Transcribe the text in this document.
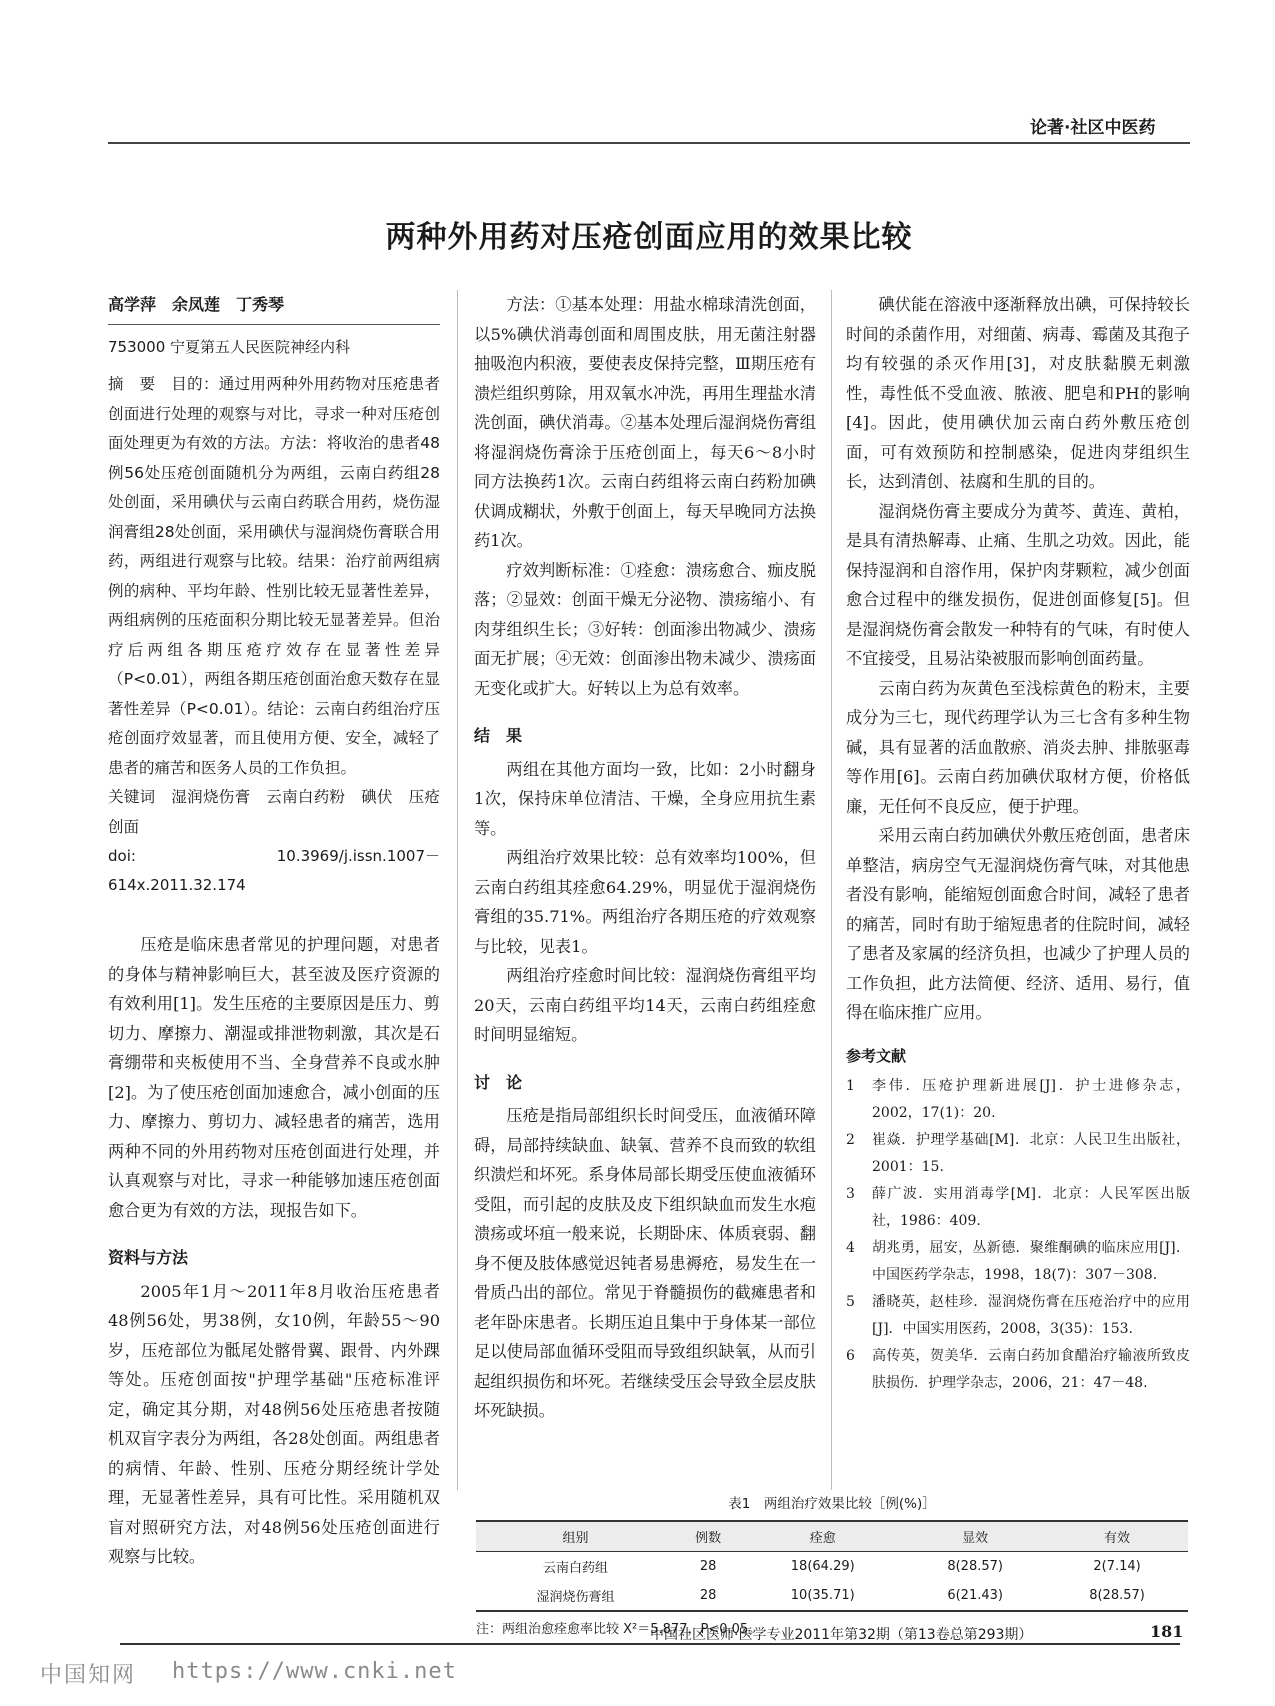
论著·社区中医药
两种外用药对压疮创面应用的效果比较
高学萍　余凤莲　丁秀琴
753000 宁夏第五人民医院神经内科

摘　要　目的：通过用两种外用药物对压疮患者创面进行处理的观察与对比，寻求一种对压疮创面处理更为有效的方法。方法：将收治的患者48例56处压疮创面随机分为两组，云南白药组28处创面，采用碘伏与云南白药联合用药，烧伤湿润膏组28处创面，采用碘伏与湿润烧伤膏联合用药，两组进行观察与比较。结果：治疗前两组病例的病种、平均年龄、性别比较无显著性差异，两组病例的压疮面积分期比较无显著差异。但治疗后两组各期压疮疗效存在显著性差异（P<0.01），两组各期压疮创面治愈天数存在显著性差异（P<0.01）。结论：云南白药组治疗压疮创面疗效显著，而且使用方便、安全，减轻了患者的痛苦和医务人员的工作负担。

关键词　湿润烧伤膏　云南白药粉　碘伏　压疮创面

doi: 10.3969/j.issn.1007－614x.2011.32.174

压疮是临床患者常见的护理问题，对患者的身体与精神影响巨大，甚至波及医疗资源的有效利用[1]。发生压疮的主要原因是压力、剪切力、摩擦力、潮湿或排泄物刺激，其次是石膏绷带和夹板使用不当、全身营养不良或水肿[2]。为了使压疮创面加速愈合，减小创面的压力、摩擦力、剪切力、减轻患者的痛苦，选用两种不同的外用药物对压疮创面进行处理，并认真观察与对比，寻求一种能够加速压疮创面愈合更为有效的方法，现报告如下。

资料与方法

2005年1月～2011年8月收治压疮患者48例56处，男38例，女10例，年龄55～90岁，压疮部位为骶尾处髂骨翼、跟骨、内外踝等处。压疮创面按"护理学基础"压疮标准评定，确定其分期，对48例56处压疮患者按随机双盲字表分为两组，各28处创面。两组患者的病情、年龄、性别、压疮分期经统计学处理，无显著性差异，具有可比性。采用随机双盲对照研究方法，对48例56处压疮创面进行观察与比较。

方法：①基本处理：用盐水棉球清洗创面，以5%碘伏消毒创面和周围皮肤，用无菌注射器抽吸泡内积液，要使表皮保持完整，Ⅲ期压疮有溃烂组织剪除，用双氧水冲洗，再用生理盐水清洗创面，碘伏消毒。②基本处理后湿润烧伤膏组将湿润烧伤膏涂于压疮创面上，每天6～8小时同方法换药1次。云南白药组将云南白药粉加碘伏调成糊状，外敷于创面上，每天早晚同方法换药1次。

疗效判断标准：①痊愈：溃疡愈合、痂皮脱落；②显效：创面干燥无分泌物、溃疡缩小、有肉芽组织生长；③好转：创面渗出物减少、溃疡面无扩展；④无效：创面渗出物未减少、溃疡面无变化或扩大。好转以上为总有效率。

结　果

两组在其他方面均一致，比如：2小时翻身1次，保持床单位清洁、干燥，全身应用抗生素等。

两组治疗效果比较：总有效率均100%，但云南白药组其痊愈64.29%，明显优于湿润烧伤膏组的35.71%。两组治疗各期压疮的疗效观察与比较，见表1。

两组治疗痊愈时间比较：湿润烧伤膏组平均20天，云南白药组平均14天，云南白药组痊愈时间明显缩短。

讨　论

压疮是指局部组织长时间受压，血液循环障碍，局部持续缺血、缺氧、营养不良而致的软组织溃烂和坏死。系身体局部长期受压使血液循环受阻，而引起的皮肤及皮下组织缺血而发生水疱溃疡或坏疽一般来说，长期卧床、体质衰弱、翻身不便及肢体感觉迟钝者易患褥疮，易发生在一骨质凸出的部位。常见于脊髓损伤的截瘫患者和老年卧床患者。长期压迫且集中于身体某一部位足以使局部血循环受阻而导致组织缺氧，从而引起组织损伤和坏死。若继续受压会导致全层皮肤坏死缺损。

碘伏能在溶液中逐渐释放出碘，可保持较长时间的杀菌作用，对细菌、病毒、霉菌及其孢子均有较强的杀灭作用[3]，对皮肤黏膜无刺激性，毒性低不受血液、脓液、肥皂和PH的影响[4]。因此，使用碘伏加云南白药外敷压疮创面，可有效预防和控制感染，促进肉芽组织生长，达到清创、祛腐和生肌的目的。

湿润烧伤膏主要成分为黄芩、黄连、黄柏，是具有清热解毒、止痛、生肌之功效。因此，能保持湿润和自溶作用，保护肉芽颗粒，减少创面愈合过程中的继发损伤，促进创面修复[5]。但是湿润烧伤膏会散发一种特有的气味，有时使人不宜接受，且易沾染被服而影响创面药量。

云南白药为灰黄色至浅棕黄色的粉末，主要成分为三七，现代药理学认为三七含有多种生物碱，具有显著的活血散瘀、消炎去肿、排脓驱毒等作用[6]。云南白药加碘伏取材方便，价格低廉，无任何不良反应，便于护理。

采用云南白药加碘伏外敷压疮创面，患者床单整洁，病房空气无湿润烧伤膏气味，对其他患者没有影响，能缩短创面愈合时间，减轻了患者的痛苦，同时有助于缩短患者的住院时间，减轻了患者及家属的经济负担，也减少了护理人员的工作负担，此方法简便、经济、适用、易行，值得在临床推广应用。

参考文献
1	李伟．压疮护理新进展[J]．护士进修杂志，2002，17(1)：20.
2	崔焱．护理学基础[M]．北京：人民卫生出版社，2001：15.
3	薛广波．实用消毒学[M]．北京：人民军医出版社，1986：409.
4	胡兆勇，屈安，丛新德．聚维酮碘的临床应用[J]．中国医药学杂志，1998，18(7)：307－308.
5	潘晓英，赵桂珍．湿润烧伤膏在压疮治疗中的应用[J]．中国实用医药，2008，3(35)：153.
6	高传英，贺美华．云南白药加食醋治疗输液所致皮肤损伤．护理学杂志，2006，21：47－48.
表1　两组治疗效果比较［例(%)］
组别	例数	痊愈	显效	有效
云南白药组	28	18(64.29)	8(28.57)	2(7.14)
湿润烧伤膏组	28	10(35.71)	6(21.43)	8(28.57)
注：两组治愈痊愈率比较 X²＝5.877，P<0.05。
中国社区医师·医学专业2011年第32期（第13卷总第293期）	181
中国知网 https://www.cnki.net
